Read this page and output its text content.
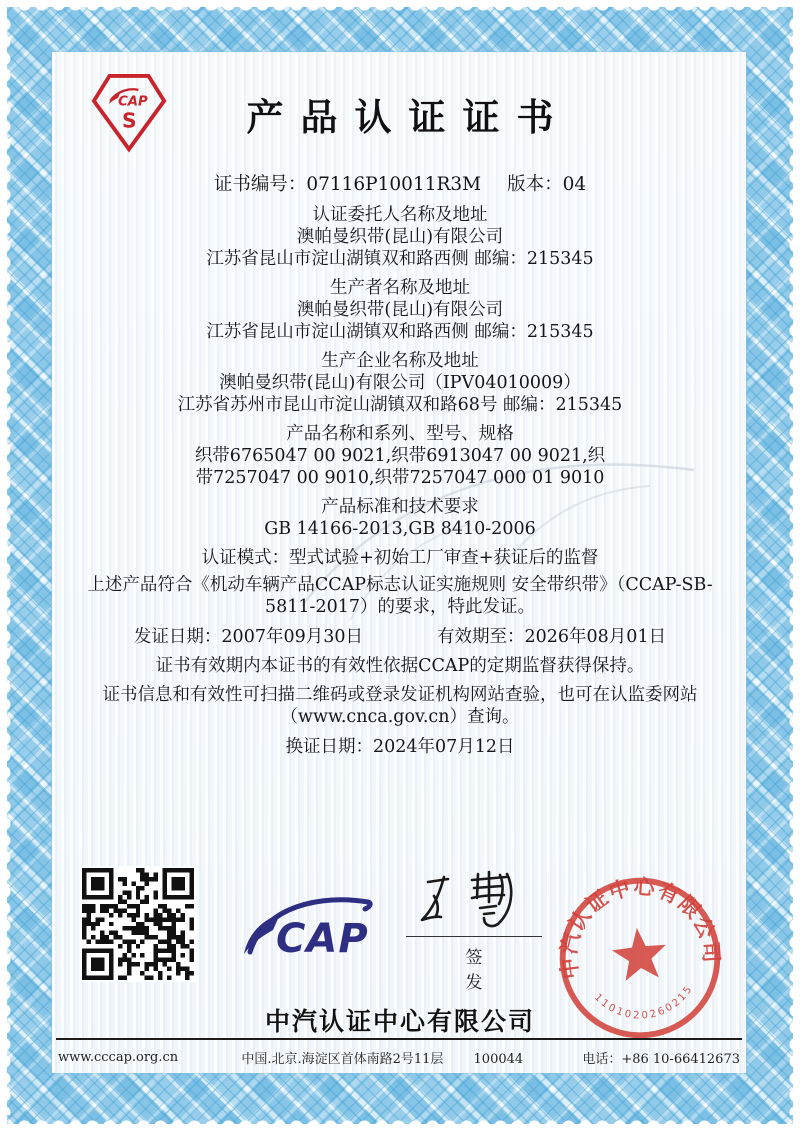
CAP
S	产品认证证书
证书编号：07116P10011R3M 版本：04
认证委托人名称及地址
澳帕曼织带(昆山)有限公司
江苏省昆山市淀山湖镇双和路西侧 邮编：215345
生产者名称及地址
澳帕曼织带(昆山)有限公司
江苏省昆山市淀山湖镇双和路西侧 邮编：215345
生产企业名称及地址
澳帕曼织带(昆山)有限公司（IPV04010009）
江苏省苏州市昆山市淀山湖镇双和路68号 邮编：215345
产品名称和系列、型号、规格
织带6765047 00 9021,织带6913047 00 9021,织带7257047 00 9010,织带7257047 000 01 9010
产品标准和技术要求
GB 14166-2013,GB 8410-2006
认证模式：型式试验+初始工厂审查+获证后的监督
上述产品符合《机动车辆产品CCAP标志认证实施规则 安全带织带》（CCAP-SB-5811-2017）的要求，特此发证。
发证日期：2007年09月30日	有效期至：2026年08月01日
证书有效期内本证书的有效性依据CCAP的定期监督获得保持。
证书信息和有效性可扫描二维码或登录发证机构网站查验，也可在认监委网站（www.cnca.gov.cn）查询。
换证日期：2024年07月12日
CAP	签 发
中汽认证中心有限公司
1101020260215
中汽认证中心有限公司
www.cccap.org.cn	中国.北京.海淀区首体南路2号11层 100044	电话：+86 10-66412673
